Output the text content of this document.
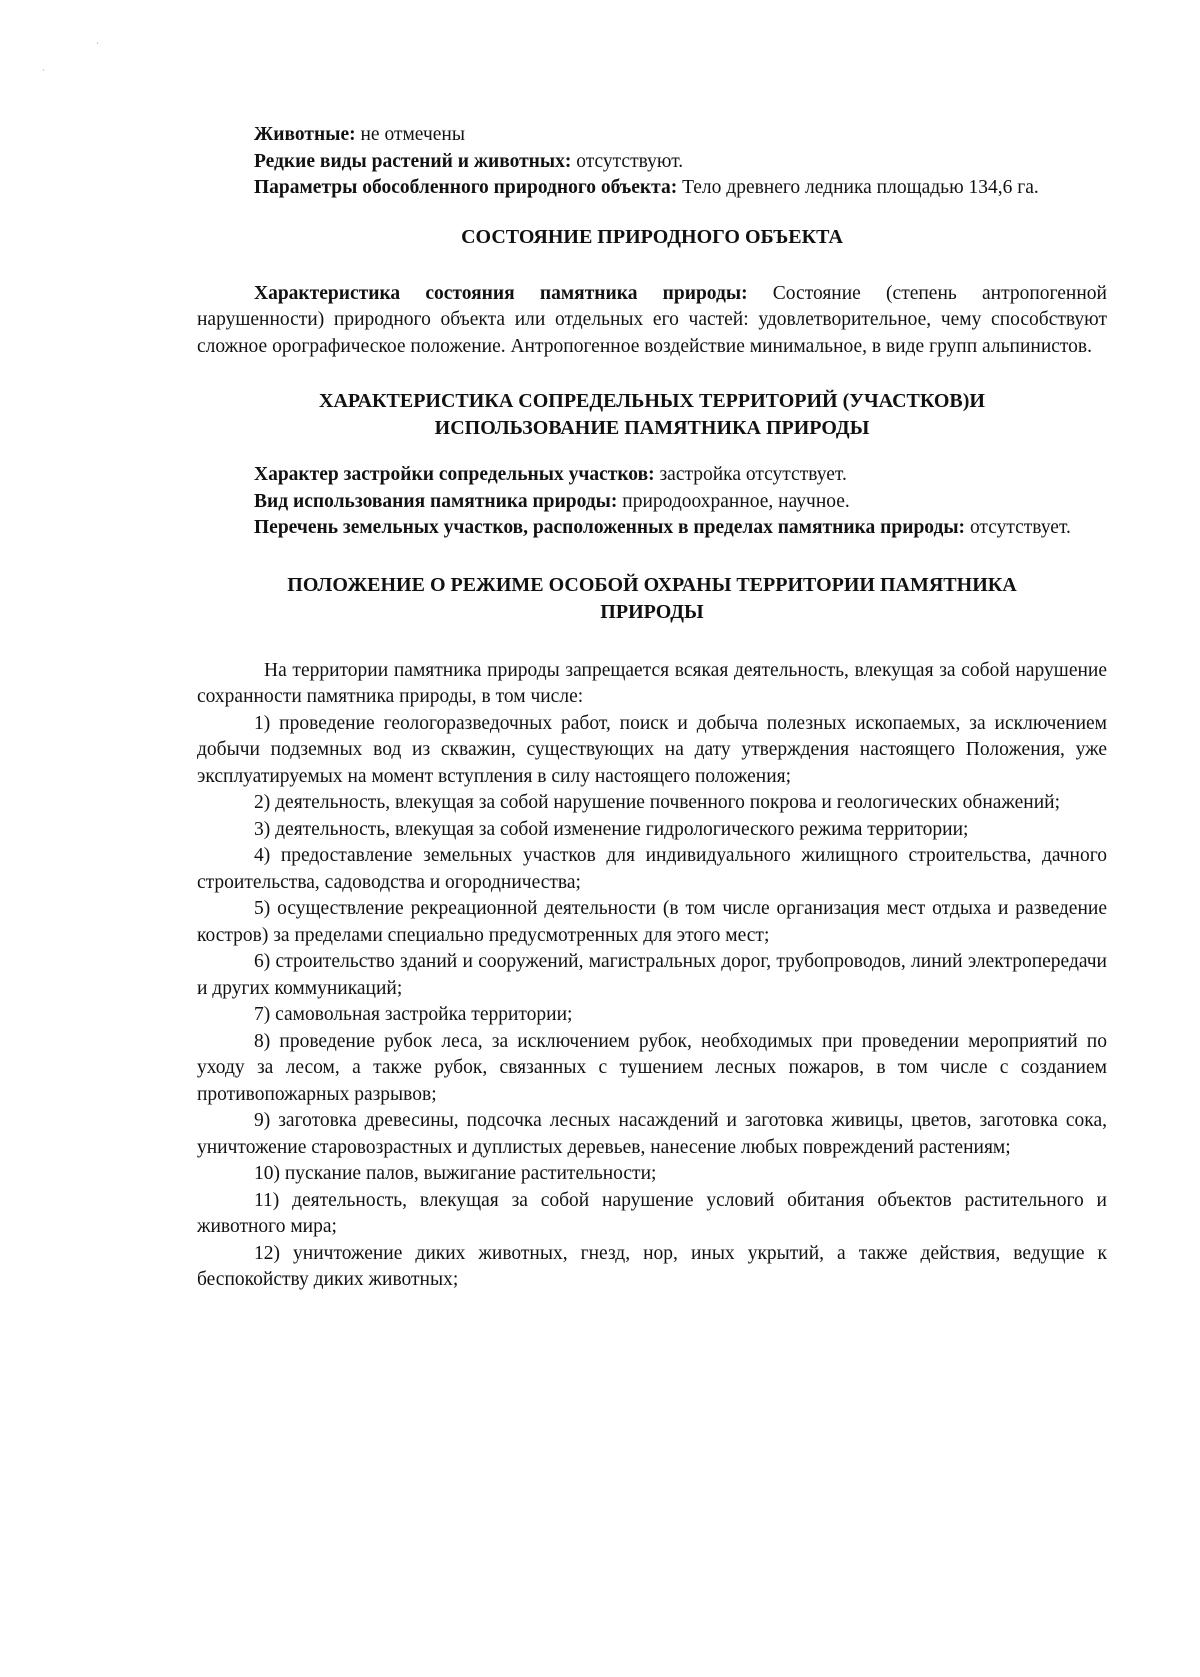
·
ˋ

Животные: не отмечены

Редкие виды растений и животных: отсутствуют.

Параметры обособленного природного объекта: Тело древнего ледника площадью 134,6 га.

СОСТОЯНИЕ ПРИРОДНОГО ОБЪЕКТА

Характеристика состояния памятника природы: Состояние (степень антропогенной нарушенности) природного объекта или отдельных его частей: удовлетворительное, чему способствуют сложное орографическое положение. Антропогенное воздействие минимальное, в виде групп альпинистов.

ХАРАКТЕРИСТИКА СОПРЕДЕЛЬНЫХ ТЕРРИТОРИЙ (УЧАСТКОВ)И
ИСПОЛЬЗОВАНИЕ ПАМЯТНИКА ПРИРОДЫ

Характер застройки сопредельных участков: застройка отсутствует.

Вид использования памятника природы: природоохранное, научное.

Перечень земельных участков, расположенных в пределах памятника природы: отсутствует.

ПОЛОЖЕНИЕ О РЕЖИМЕ ОСОБОЙ ОХРАНЫ ТЕРРИТОРИИ ПАМЯТНИКА
ПРИРОДЫ

На территории памятника природы запрещается всякая деятельность, влекущая за собой нарушение сохранности памятника природы, в том числе:

1) проведение геологоразведочных работ, поиск и добыча полезных ископаемых, за исключением добычи подземных вод из скважин, существующих на дату утверждения настоящего Положения, уже эксплуатируемых на момент вступления в силу настоящего положения;

2) деятельность, влекущая за собой нарушение почвенного покрова и геологических обнажений;

3) деятельность, влекущая за собой изменение гидрологического режима территории;

4) предоставление земельных участков для индивидуального жилищного строительства, дачного строительства, садоводства и огородничества;

5) осуществление рекреационной деятельности (в том числе организация мест отдыха и разведение костров) за пределами специально предусмотренных для этого мест;

6) строительство зданий и сооружений, магистральных дорог, трубопроводов, линий электропередачи и других коммуникаций;

7) самовольная застройка территории;

8) проведение рубок леса, за исключением рубок, необходимых при проведении мероприятий по уходу за лесом, а также рубок, связанных с тушением лесных пожаров, в том числе с созданием противопожарных разрывов;

9) заготовка древесины, подсочка лесных насаждений и заготовка живицы, цветов, заготовка сока, уничтожение старовозрастных и дуплистых деревьев, нанесение любых повреждений растениям;

10) пускание палов, выжигание растительности;

11) деятельность, влекущая за собой нарушение условий обитания объектов растительного и животного мира;

12) уничтожение диких животных, гнезд, нор, иных укрытий, а также действия, ведущие к беспокойству диких животных;
